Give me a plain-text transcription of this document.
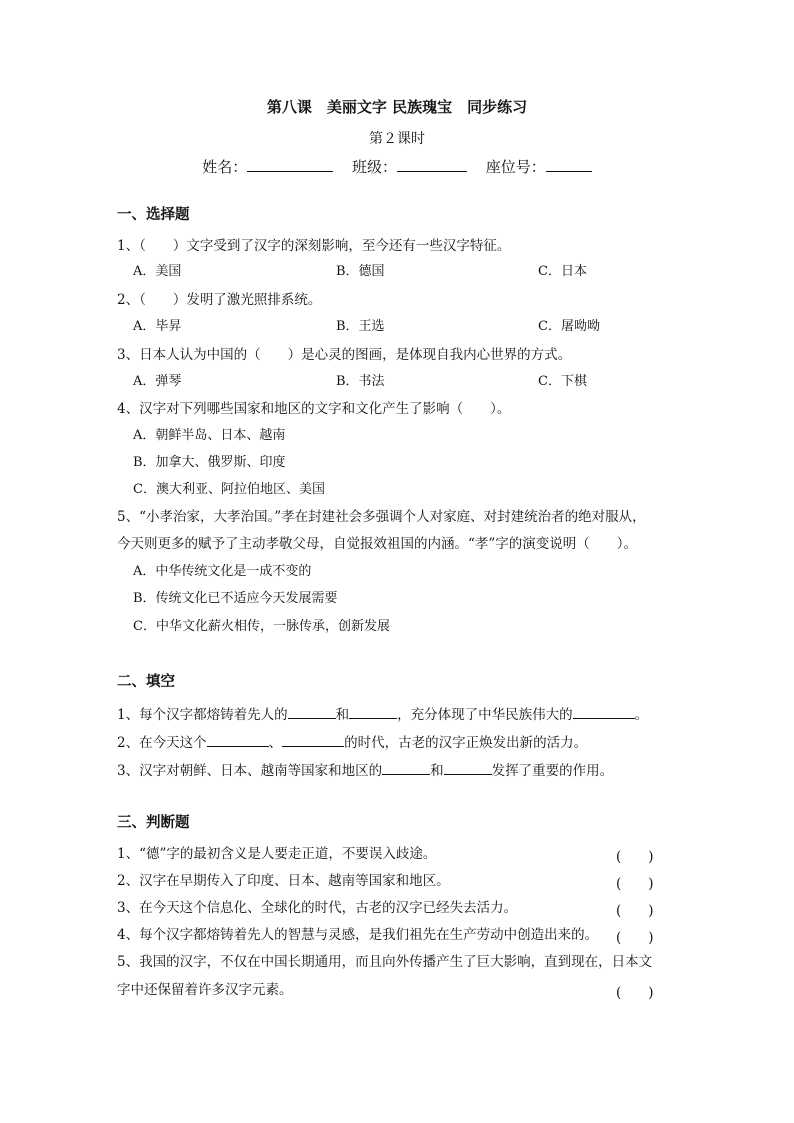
第八课　美丽文字 民族瑰宝　同步练习
第２课时
姓名：	班级：	座位号：
一、选择题
1、（　　）文字受到了汉字的深刻影响，至今还有一些汉字特征。
A．美国	B．德国	C．日本
2、（　　）发明了激光照排系统。
A．毕昇	B．王选	C．屠呦呦
3、日本人认为中国的（　　）是心灵的图画，是体现自我内心世界的方式。
A．弹琴	B．书法	C．下棋
4、汉字对下列哪些国家和地区的文字和文化产生了影响（　　）。
A．朝鲜半岛、日本、越南
B．加拿大、俄罗斯、印度
C．澳大利亚、阿拉伯地区、美国
5、“小孝治家，大孝治国。”孝在封建社会多强调个人对家庭、对封建统治者的绝对服从，
今天则更多的赋予了主动孝敬父母，自觉报效祖国的内涵。“孝”字的演变说明（　　）。
A．中华传统文化是一成不变的
B．传统文化已不适应今天发展需要
C．中华文化薪火相传，一脉传承，创新发展
二、填空
1、每个汉字都熔铸着先人的	和	，充分体现了中华民族伟大的	。
2、在今天这个	、	的时代，古老的汉字正焕发出新的活力。
3、汉字对朝鲜、日本、越南等国家和地区的	和	发挥了重要的作用。
三、判断题
1、“德”字的最初含义是人要走正道，不要误入歧途。	(　　)
2、汉字在早期传入了印度、日本、越南等国家和地区。	(　　)
3、在今天这个信息化、全球化的时代，古老的汉字已经失去活力。	(　　)
4、每个汉字都熔铸着先人的智慧与灵感，是我们祖先在生产劳动中创造出来的。 (　　)
5、我国的汉字，不仅在中国长期通用，而且向外传播产生了巨大影响，直到现在，日本文
字中还保留着许多汉字元素。	(　　)
